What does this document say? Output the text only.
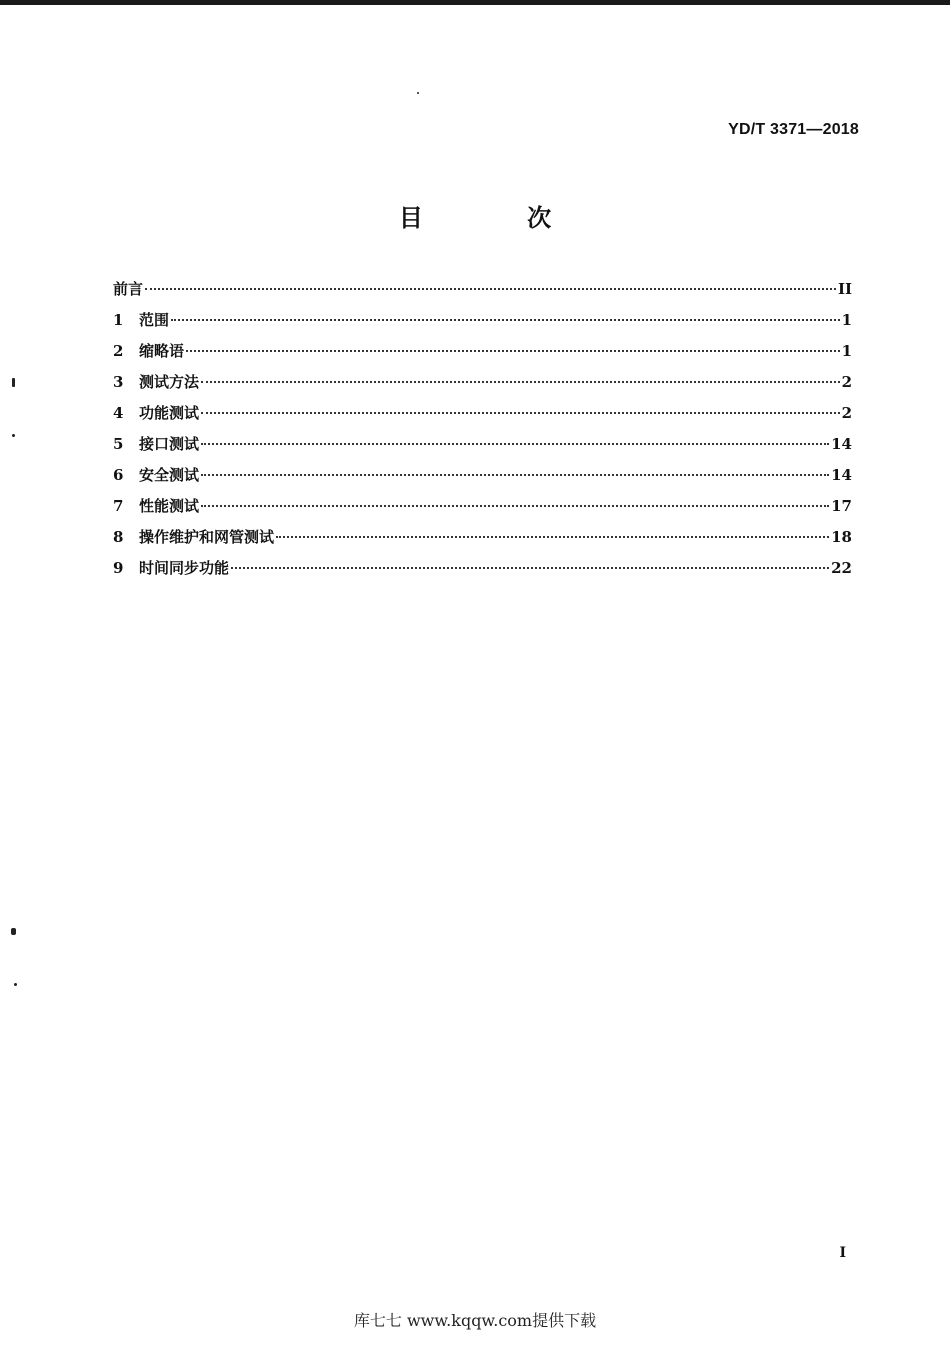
YD/T 3371—2018
目 次
前言	II
1	范围	1
2	缩略语	1
3	测试方法	2
4	功能测试	2
5	接口测试	14
6	安全测试	14
7	性能测试	17
8	操作维护和网管测试	18
9	时间同步功能	22
I
库七七 www.kqqw.com提供下载
